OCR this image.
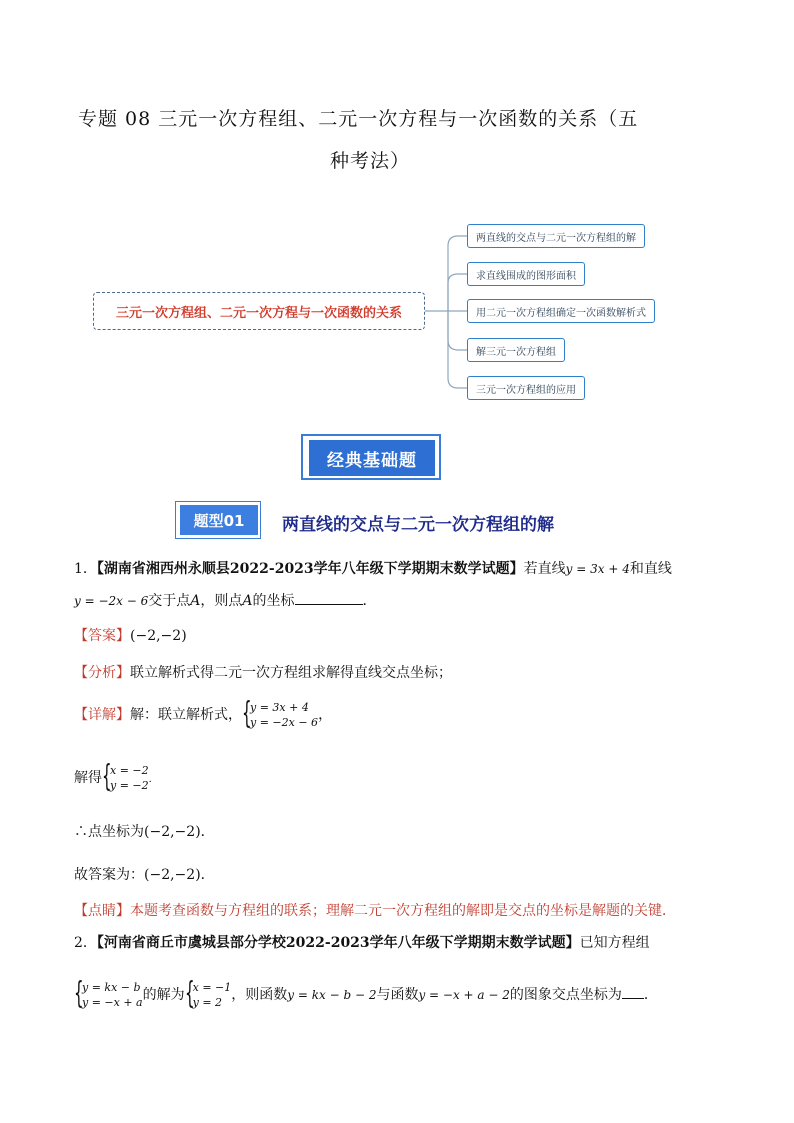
专题 08 三元一次方程组、二元一次方程与一次函数的关系（五
种考法）
三元一次方程组、二元一次方程与一次函数的关系
两直线的交点与二元一次方程组的解
求直线围成的图形面积
用二元一次方程组确定一次函数解析式
解三元一次方程组
三元一次方程组的应用
经典基础题
题型01	两直线的交点与二元一次方程组的解
1．【湖南省湘西州永顺县2022-2023学年八年级下学期期末数学试题】若直线y = 3x + 4和直线
y = −2x − 6交于点A，则点A的坐标	．
【答案】(−2,−2)
【分析】联立解析式得二元一次方程组求解得直线交点坐标；
【详解】解：联立解析式， {
y = 3x + 4
y = −2x − 6，
解得 {
x = −2
y = −2．
∴点坐标为(−2,−2)．
故答案为：(−2,−2)．
【点睛】本题考查函数与方程组的联系；理解二元一次方程组的解即是交点的坐标是解题的关键．
2．【河南省商丘市虞城县部分学校2022-2023学年八年级下学期期末数学试题】已知方程组
{
y = kx − b
y = −x + a的解为 {
x = −1
y = 2 ，则函数y = kx − b − 2与函数y = −x + a − 2的图象交点坐标为 ．
